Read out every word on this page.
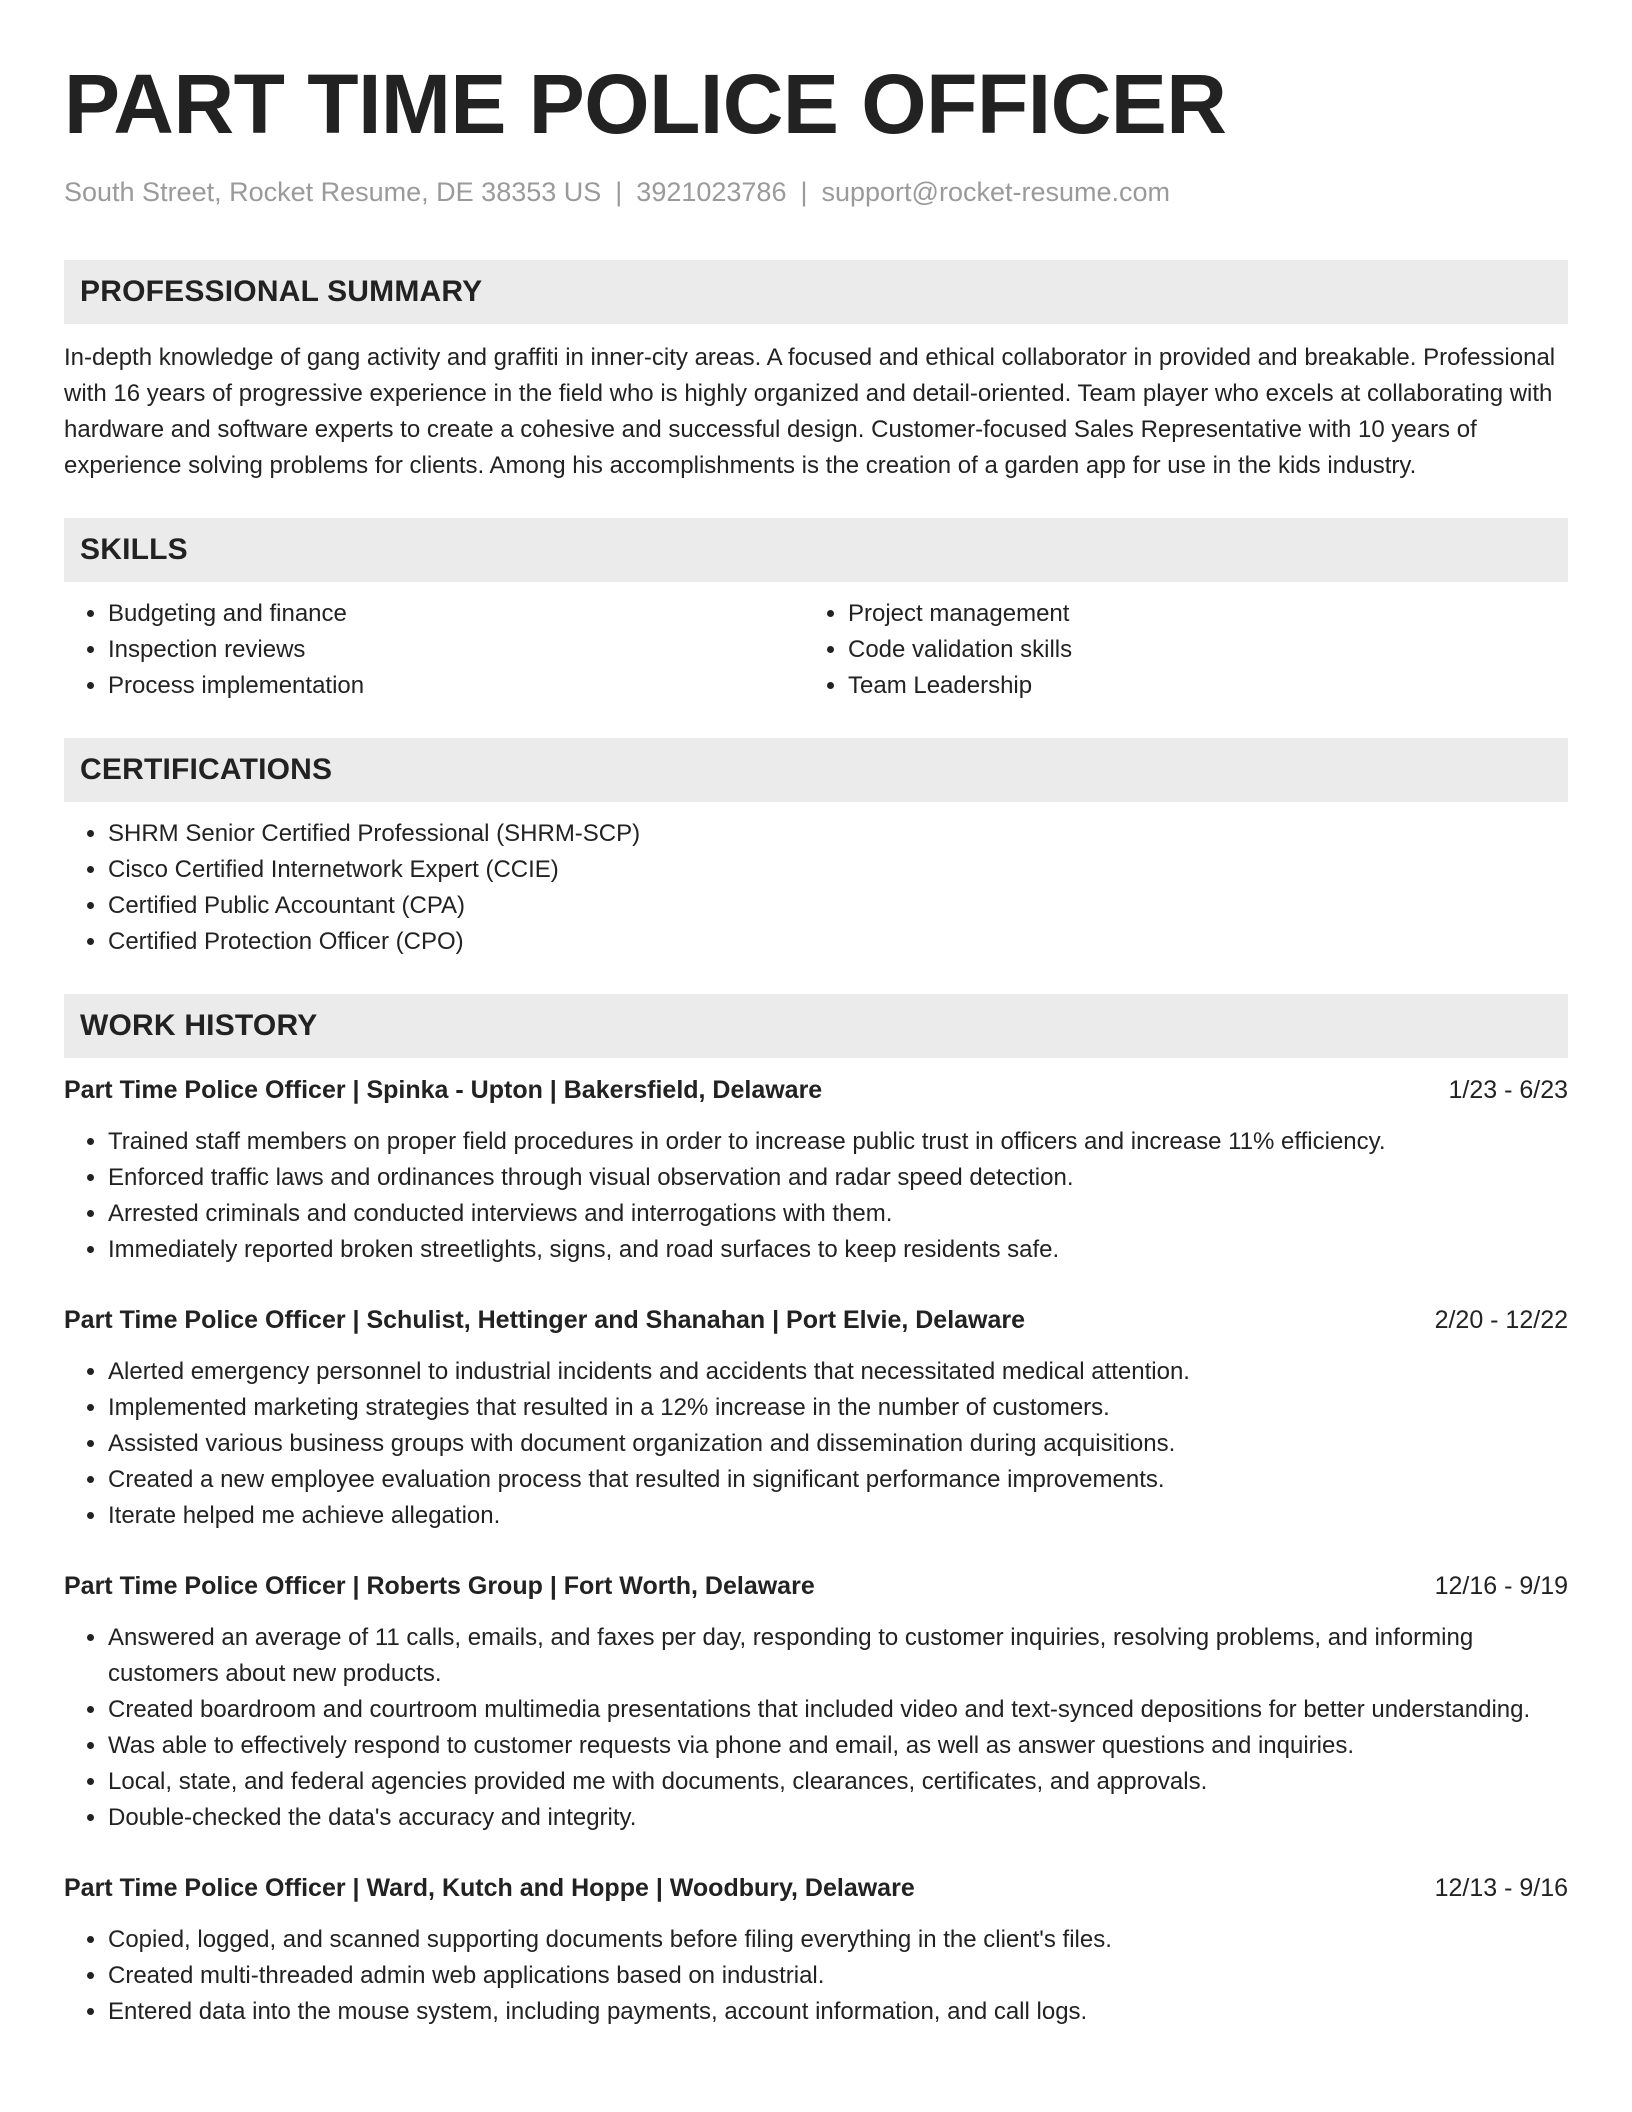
PART TIME POLICE OFFICER
South Street, Rocket Resume, DE 38353 US | 3921023786 | support@rocket-resume.com
PROFESSIONAL SUMMARY
In-depth knowledge of gang activity and graffiti in inner-city areas. A focused and ethical collaborator in provided and breakable. Professional with 16 years of progressive experience in the field who is highly organized and detail-oriented. Team player who excels at collaborating with hardware and software experts to create a cohesive and successful design. Customer-focused Sales Representative with 10 years of experience solving problems for clients. Among his accomplishments is the creation of a garden app for use in the kids industry.
SKILLS
• Budgeting and finance
• Inspection reviews
• Process implementation
• Project management
• Code validation skills
• Team Leadership
CERTIFICATIONS
• SHRM Senior Certified Professional (SHRM-SCP)
• Cisco Certified Internetwork Expert (CCIE)
• Certified Public Accountant (CPA)
• Certified Protection Officer (CPO)
WORK HISTORY
Part Time Police Officer | Spinka - Upton | Bakersfield, Delaware	1/23 - 6/23
• Trained staff members on proper field procedures in order to increase public trust in officers and increase 11% efficiency.
• Enforced traffic laws and ordinances through visual observation and radar speed detection.
• Arrested criminals and conducted interviews and interrogations with them.
• Immediately reported broken streetlights, signs, and road surfaces to keep residents safe.
Part Time Police Officer | Schulist, Hettinger and Shanahan | Port Elvie, Delaware	2/20 - 12/22
• Alerted emergency personnel to industrial incidents and accidents that necessitated medical attention.
• Implemented marketing strategies that resulted in a 12% increase in the number of customers.
• Assisted various business groups with document organization and dissemination during acquisitions.
• Created a new employee evaluation process that resulted in significant performance improvements.
• Iterate helped me achieve allegation.
Part Time Police Officer | Roberts Group | Fort Worth, Delaware	12/16 - 9/19
• Answered an average of 11 calls, emails, and faxes per day, responding to customer inquiries, resolving problems, and informing customers about new products.
• Created boardroom and courtroom multimedia presentations that included video and text-synced depositions for better understanding.
• Was able to effectively respond to customer requests via phone and email, as well as answer questions and inquiries.
• Local, state, and federal agencies provided me with documents, clearances, certificates, and approvals.
• Double-checked the data's accuracy and integrity.
Part Time Police Officer | Ward, Kutch and Hoppe | Woodbury, Delaware	12/13 - 9/16
• Copied, logged, and scanned supporting documents before filing everything in the client's files.
• Created multi-threaded admin web applications based on industrial.
• Entered data into the mouse system, including payments, account information, and call logs.
